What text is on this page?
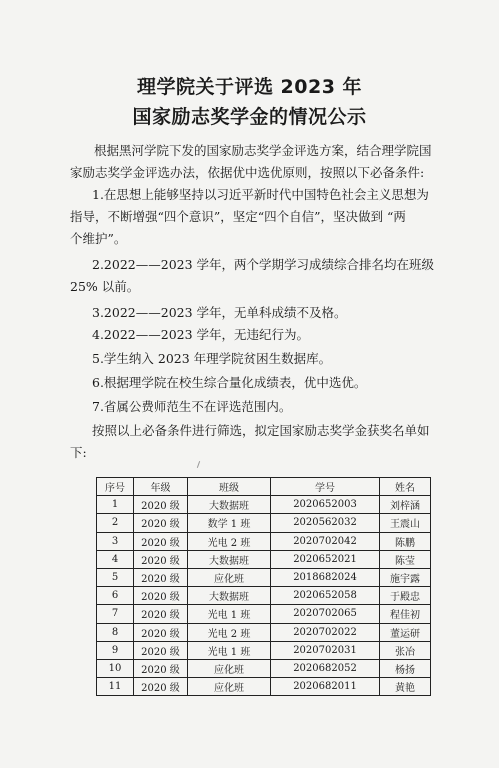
理学院关于评选 2023 年
国家励志奖学金的情况公示
根据黑河学院下发的国家励志奖学金评选方案，结合理学院国家励志奖学金评选办法，依据优中选优原则，按照以下必备条件:
1.在思想上能够坚持以习近平新时代中国特色社会主义思想为
指导，不断增强“四个意识”，坚定“四个自信”，坚决做到 “两
个维护”。
2.2022——2023 学年，两个学期学习成绩综合排名均在班级
25% 以前。
3.2022——2023 学年，无单科成绩不及格。
4.2022——2023 学年，无违纪行为。
5.学生纳入 2023 年理学院贫困生数据库。
6.根据理学院在校生综合量化成绩表，优中选优。
7.省属公费师范生不在评选范围内。
按照以上必备条件进行筛选，拟定国家励志奖学金获奖名单如
下:
序号	年级	班级	学号	姓名
1	2020 级	大数据班	2020652003	刘梓涵
2	2020 级	数学 1 班	2020562032	王震山
3	2020 级	光电 2 班	2020702042	陈鹏
4	2020 级	大数据班	2020652021	陈莹
5	2020 级	应化班	2018682024	施宇露
6	2020 级	大数据班	2020652058	于殿忠
7	2020 级	光电 1 班	2020702065	程佳初
8	2020 级	光电 2 班	2020702022	董运研
9	2020 级	光电 1 班	2020702031	张冶
10	2020 级	应化班	2020682052	杨扬
11	2020 级	应化班	2020682011	黄艳
